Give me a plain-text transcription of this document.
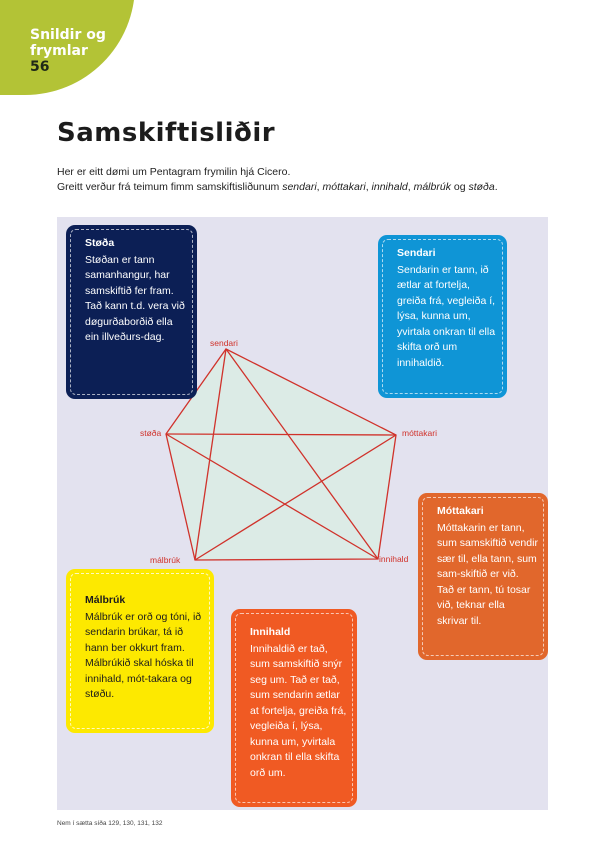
Snildir og
frymlar
56
Samskiftisliðir
Her er eitt dømi um Pentagram frymilin hjá Cicero.
Greitt verður frá teimum fimm samskiftisliðunum sendari, móttakari, innihald, málbrúk og støða.
sendari
móttakari
innihald
málbrúk
støða
Støða

Støðan er tann samanhangur, har samskiftið fer fram. Tað kann t.d. vera við døgurðaborðið ella ein illveðurs-dag.

Sendari

Sendarin er tann, ið ætlar at fortelja, greiða frá, vegleiða í, lýsa, kunna um, yvirtala onkran til ella skifta orð um innihaldið.

Móttakari

Móttakarin er tann, sum samskiftið vendir sær til, ella tann, sum sam-skiftið er við. Tað er tann, tú tosar við, teknar ella skrivar til.

Málbrúk

Málbrúk er orð og tóni, ið sendarin brúkar, tá ið hann ber okkurt fram. Málbrúkið skal hóska til innihald, mót-takara og støðu.

Innihald

Innihaldið er tað, sum samskiftið snýr seg um. Tað er tað, sum sendarin ætlar at fortelja, greiða frá, vegleiða í, lýsa, kunna um, yvirtala onkran til ella skifta orð um.

Nem í sætta síða 129, 130, 131, 132
